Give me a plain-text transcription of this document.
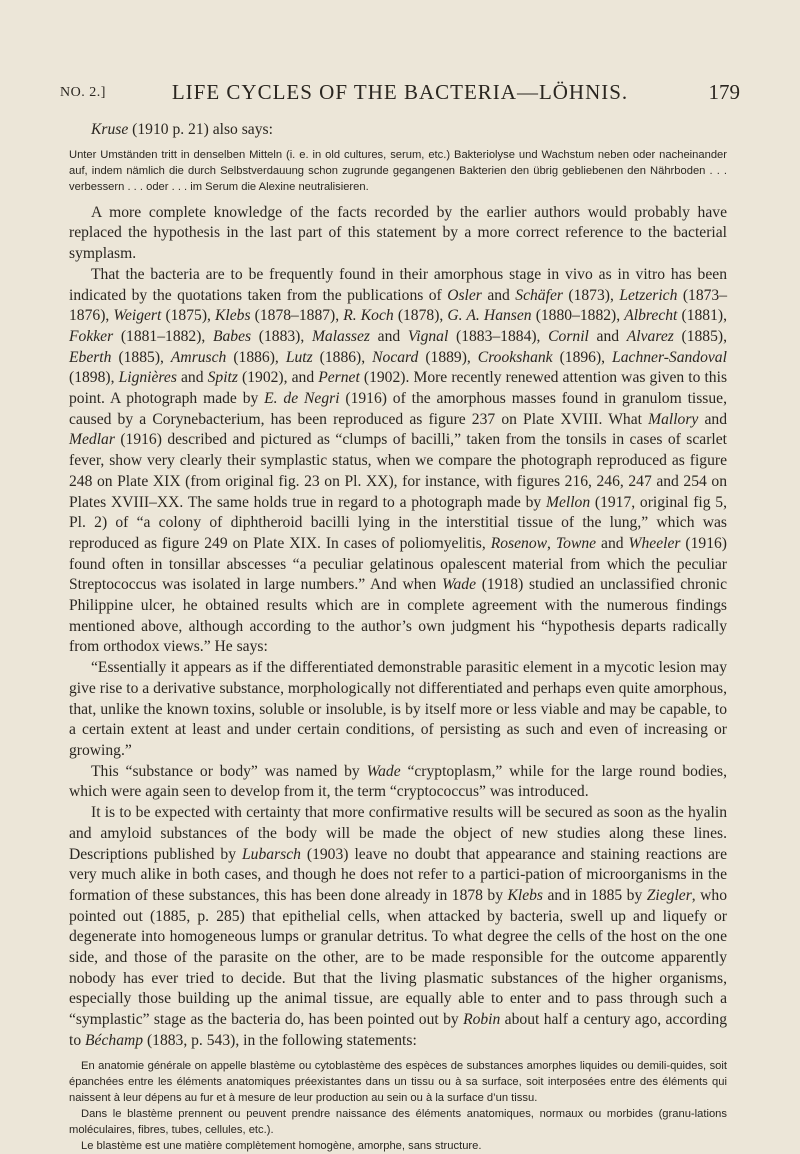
NO. 2.]	LIFE CYCLES OF THE BACTERIA—LÖHNIS.	179

Kruse (1910 p. 21) also says:

Unter Umständen tritt in denselben Mitteln (i. e. in old cultures, serum, etc.) Bakteriolyse und Wachstum neben oder nacheinander auf, indem nämlich die durch Selbstverdauung schon zugrunde gegangenen Bakterien den übrig gebliebenen den Nährboden . . . verbessern . . . oder . . . im Serum die Alexine neutralisieren.

A more complete knowledge of the facts recorded by the earlier authors would probably have replaced the hypothesis in the last part of this statement by a more correct reference to the bacterial symplasm.

That the bacteria are to be frequently found in their amorphous stage in vivo as in vitro has been indicated by the quotations taken from the publications of Osler and Schäfer (1873), Letzerich (1873–1876), Weigert (1875), Klebs (1878–1887), R. Koch (1878), G. A. Hansen (1880–1882), Albrecht (1881), Fokker (1881–1882), Babes (1883), Malassez and Vignal (1883–1884), Cornil and Alvarez (1885), Eberth (1885), Amrusch (1886), Lutz (1886), Nocard (1889), Crookshank (1896), Lachner-Sandoval (1898), Lignières and Spitz (1902), and Pernet (1902). More recently renewed attention was given to this point. A photograph made by E. de Negri (1916) of the amorphous masses found in granulom tissue, caused by a Corynebacterium, has been reproduced as figure 237 on Plate XVIII. What Mallory and Medlar (1916) described and pictured as “clumps of bacilli,” taken from the tonsils in cases of scarlet fever, show very clearly their symplastic status, when we compare the photograph reproduced as figure 248 on Plate XIX (from original fig. 23 on Pl. XX), for instance, with figures 216, 246, 247 and 254 on Plates XVIII–XX. The same holds true in regard to a photograph made by Mellon (1917, original fig 5, Pl. 2) of “a colony of diphtheroid bacilli lying in the interstitial tissue of the lung,” which was reproduced as figure 249 on Plate XIX. In cases of poliomyelitis, Rosenow, Towne and Wheeler (1916) found often in tonsillar abscesses “a peculiar gelatinous opalescent material from which the peculiar Streptococcus was isolated in large numbers.” And when Wade (1918) studied an unclassified chronic Philippine ulcer, he obtained results which are in complete agreement with the numerous findings mentioned above, although according to the author’s own judgment his “hypothesis departs radically from orthodox views.” He says:

“Essentially it appears as if the differentiated demonstrable parasitic element in a mycotic lesion may give rise to a derivative substance, morphologically not differentiated and perhaps even quite amorphous, that, unlike the known toxins, soluble or insoluble, is by itself more or less viable and may be capable, to a certain extent at least and under certain conditions, of persisting as such and even of increasing or growing.”

This “substance or body” was named by Wade “cryptoplasm,” while for the large round bodies, which were again seen to develop from it, the term “cryptococcus” was introduced.

It is to be expected with certainty that more confirmative results will be secured as soon as the hyalin and amyloid substances of the body will be made the object of new studies along these lines. Descriptions published by Lubarsch (1903) leave no doubt that appearance and staining reactions are very much alike in both cases, and though he does not refer to a partici-pation of microorganisms in the formation of these substances, this has been done already in 1878 by Klebs and in 1885 by Ziegler, who pointed out (1885, p. 285) that epithelial cells, when attacked by bacteria, swell up and liquefy or degenerate into homogeneous lumps or granular detritus. To what degree the cells of the host on the one side, and those of the parasite on the other, are to be made responsible for the outcome apparently nobody has ever tried to decide. But that the living plasmatic substances of the higher organisms, especially those building up the animal tissue, are equally able to enter and to pass through such a “symplastic” stage as the bacteria do, has been pointed out by Robin about half a century ago, according to Béchamp (1883, p. 543), in the following statements:

En anatomie générale on appelle blastème ou cytoblastème des espèces de substances amorphes liquides ou demili-quides, soit épanchées entre les éléments anatomiques préexistantes dans un tissu ou à sa surface, soit interposées entre des éléments qui naissent à leur dépens au fur et à mesure de leur production au sein ou à la surface d’un tissu.
Dans le blastème prennent ou peuvent prendre naissance des éléments anatomiques, normaux ou morbides (granu-lations moléculaires, fibres, tubes, cellules, etc.).
Le blastème est une matière complètement homogène, amorphe, sans structure.
